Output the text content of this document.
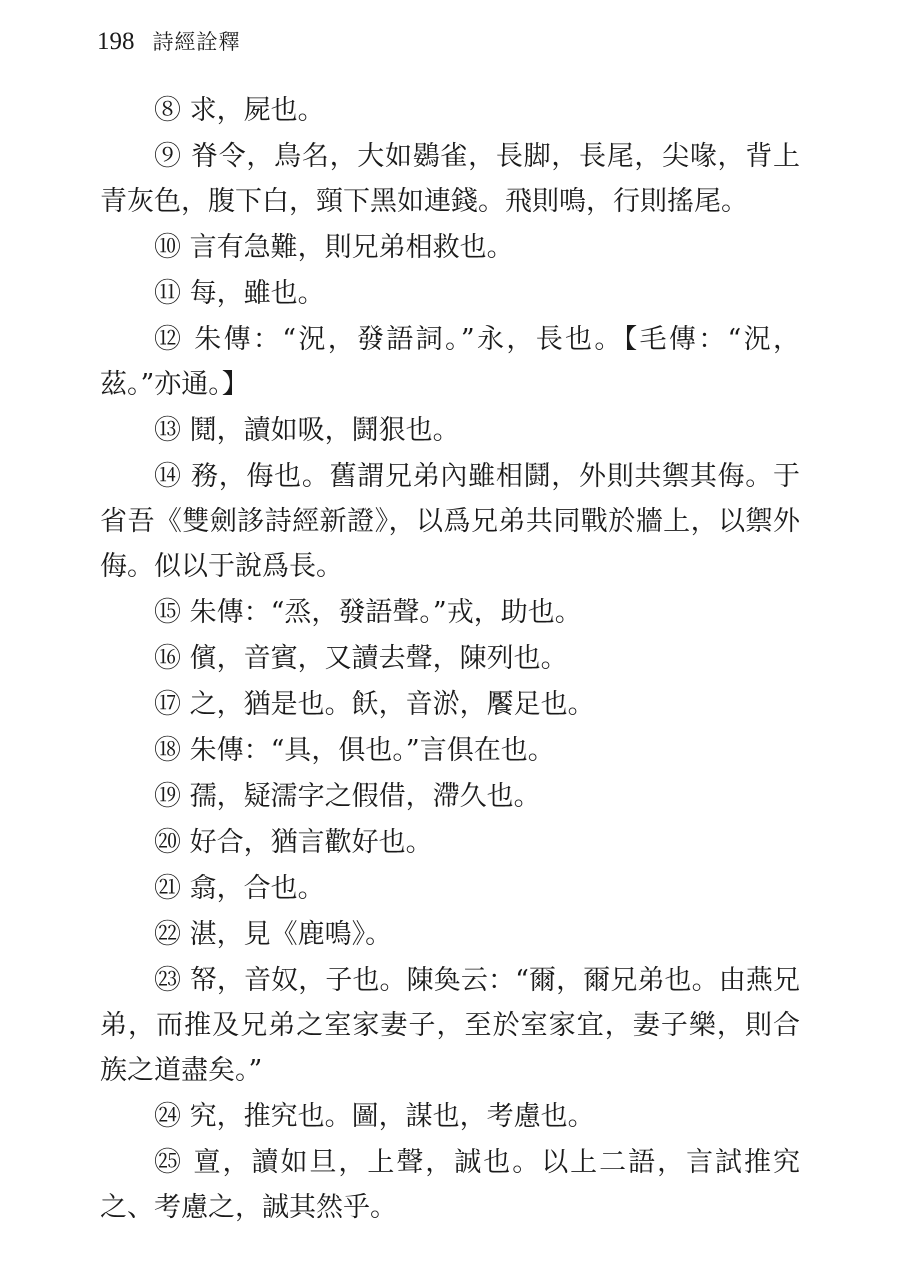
198 詩經詮釋

⑧ 求，屍也。

⑨ 脊令，鳥名，大如鷃雀，長脚，長尾，尖喙，背上青灰色，腹下白，頸下黑如連錢。飛則鳴，行則搖尾。

⑩ 言有急難，則兄弟相救也。

⑪ 每，雖也。

⑫ 朱傳：“況，發語詞。”永，長也。【毛傳：“況，茲。”亦通。】

⑬ 鬩，讀如吸，鬪狠也。

⑭ 務，侮也。舊謂兄弟內雖相鬪，外則共禦其侮。于省吾《雙劍誃詩經新證》，以爲兄弟共同戰於牆上，以禦外侮。似以于說爲長。

⑮ 朱傳：“烝，發語聲。”戎，助也。

⑯ 儐，音賓，又讀去聲，陳列也。

⑰ 之，猶是也。飫，音淤，饜足也。

⑱ 朱傳：“具，俱也。”言俱在也。

⑲ 孺，疑濡字之假借，滯久也。

⑳ 好合，猶言歡好也。

㉑ 翕，合也。

㉒ 湛，見《鹿鳴》。

㉓ 帑，音奴，子也。陳奐云：“爾，爾兄弟也。由燕兄弟，而推及兄弟之室家妻子，至於室家宜，妻子樂，則合族之道盡矣。”

㉔ 究，推究也。圖，謀也，考慮也。

㉕ 亶，讀如旦，上聲，誠也。以上二語，言試推究之、考慮之，誠其然乎。
